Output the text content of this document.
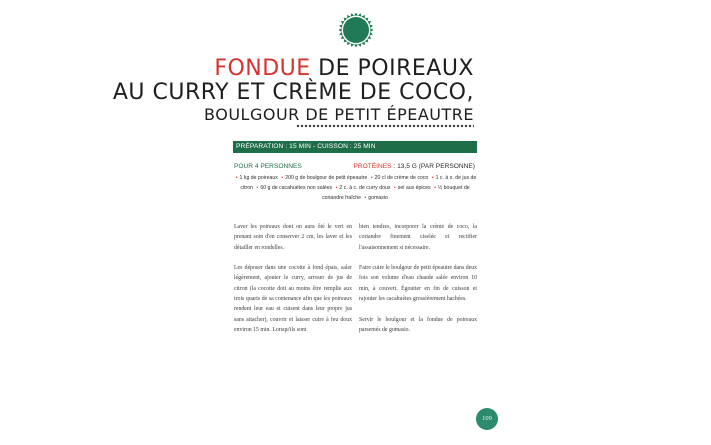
FONDUE DE POIREAUX
AU CURRY ET CRÈME DE COCO,
BOULGOUR DE PETIT ÉPEAUTRE
PRÉPARATION : 15 MIN - CUISSON : 25 MIN
POUR 4 PERSONNES	PROTÉINES : 13,5 G (PAR PERSONNE)
• 1 kg de poireaux • 200 g de boulgour de petit épeautre • 20 cl de crème de coco • 1 c. à s. de jus de citron • 60 g de cacahuètes non salées • 2 c. à c. de curry doux • sel aux épices • ½ bouquet de coriandre fraîche • gomasio

Laver les poireaux dont on aura ôté le vert en prenant soin d'en conserver 2 cm, les laver et les détailler en rondelles.

Les déposer dans une cocotte à fond épais, saler légèrement, ajouter le curry, arroser de jus de citron (la cocotte doit au moins être remplie aux trois quarts de sa contenance afin que les poireaux rendent leur eau et cuisent dans leur propre jus sans attacher), couvrir et laisser cuire à feu doux environ 15 min. Lorsqu'ils sont

bien tendres, incorporer la crème de coco, la coriandre finement ciselée et rectifier l'assaisonnement si nécessaire.

Faire cuire le boulgour de petit épeautre dans deux fois son volume d'eau chaude salée environ 10 min, à couvert. Égoutter en fin de cuisson et rajouter les cacahuètes grossièrement hachées.

Servir le boulgour et la fondue de poireaux parsemés de gomasio.

109
